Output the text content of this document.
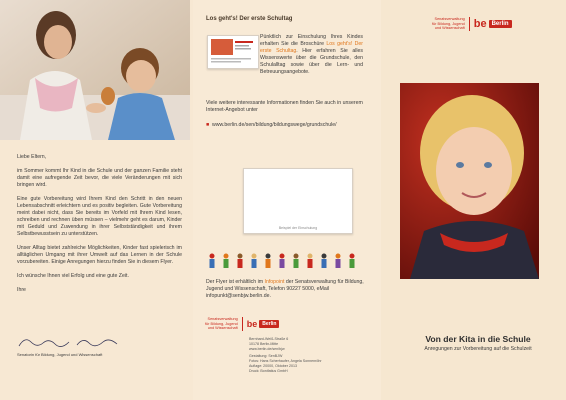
Liebe Eltern,

im Sommer kommt Ihr Kind in die Schule und der ganzen Familie steht damit eine aufregende Zeit bevor, die viele Veränderungen mit sich bringen wird.

Eine gute Vorbereitung wird Ihrem Kind den Schritt in den neuen Lebensabschnitt erleichtern und es positiv begleiten. Gute Vorbereitung meint dabei nicht, dass Sie bereits im Vorfeld mit Ihrem Kind lesen, schreiben und rechnen üben müssen – vielmehr geht es darum, Kinder mit Geduld und Zuwendung in ihrer Selbstständigkeit und ihrem Selbstbewusstsein zu unterstützen.

Unser Alltag bietet zahlreiche Möglichkeiten, Kinder fast spielerisch im alltäglichen Umgang mit ihrer Umwelt auf das Lernen in der Schule vorzubereiten. Einige Anregungen hierzu finden Sie in diesem Flyer.

Ich wünsche Ihnen viel Erfolg und eine gute Zeit.

Ihre

Senatorin für Bildung, Jugend und Wissenschaft

Los geht's! Der erste Schultag

Pünktlich zur Einschulung Ihres Kindes erhalten Sie die Broschüre Los geht's! Der erste Schultag. Hier erfahren Sie alles Wissenswerte über die Grundschule, den Schulalltag sowie über die Lern- und Betreuungsangebote.

Viele weitere interessante Informationen finden Sie auch in unserem Internet-Angebot unter

■ www.berlin.de/sen/bildung/bildungswege/grundschule/

Beispiel der Einschulung

Der Flyer ist erhältlich im Infopoint der Senatsverwaltung für Bildung, Jugend und Wissenschaft, Telefon 90227 5000, eMail infopunkt@senbjw.berlin.de.

Senatsverwaltung
für Bildung, Jugend
und Wissenschaft be	Berlin

Bernhard-Weiß-Straße 6
10178 Berlin-Mitte
www.berlin.de/sen/bjw

Gestaltung: SenBJW
Fotos: Hans Scherhaufer, Angela Sonnenröhr
Auflage: 20000, Oktober 2013
Druck: Bonifatius GmbH

Senatsverwaltung
für Bildung, Jugend
und Wissenschaft be Berlin
Von der Kita in die Schule
Anregungen zur Vorbereitung auf die Schulzeit
